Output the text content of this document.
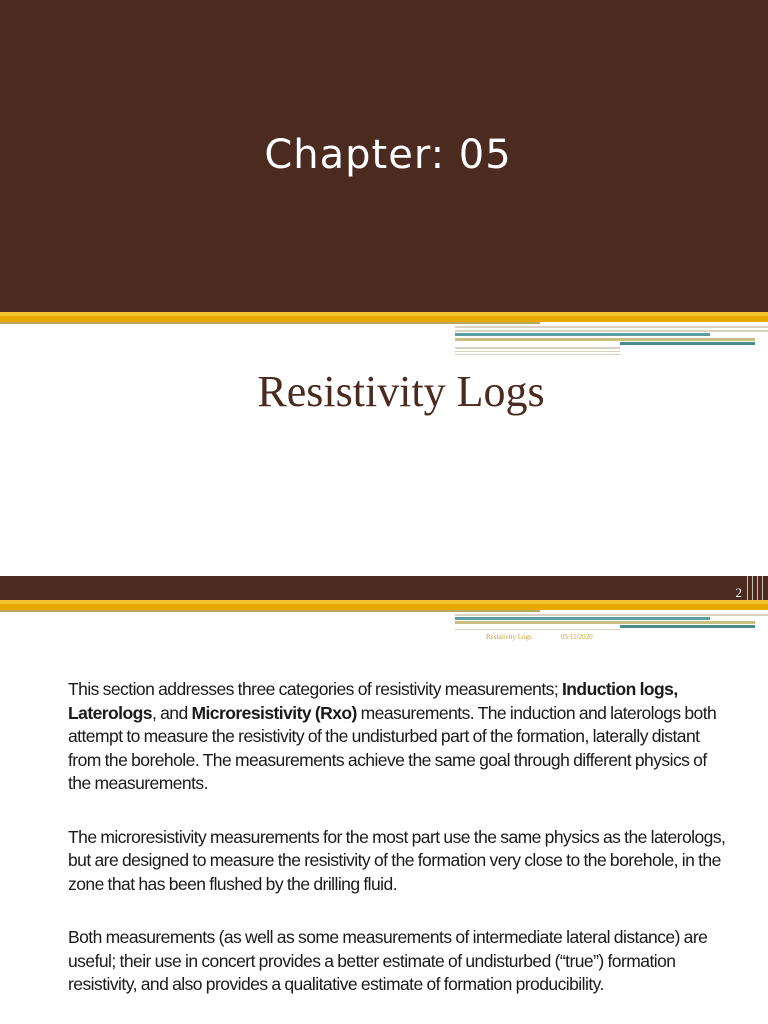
Chapter: 05
Resistivity Logs
2
Resistivity Logs	05/11/2020

This section addresses three categories of resistivity measurements; Induction logs, Laterologs, and Microresistivity (Rxo) measurements. The induction and laterologs both attempt to measure the resistivity of the undisturbed part of the formation, laterally distant from the borehole. The measurements achieve the same goal through different physics of the measurements.

The microresistivity measurements for the most part use the same physics as the laterologs, but are designed to measure the resistivity of the formation very close to the borehole, in the zone that has been flushed by the drilling fluid.

Both measurements (as well as some measurements of intermediate lateral distance) are useful; their use in concert provides a better estimate of undisturbed (“true”) formation resistivity, and also provides a qualitative estimate of formation producibility.
